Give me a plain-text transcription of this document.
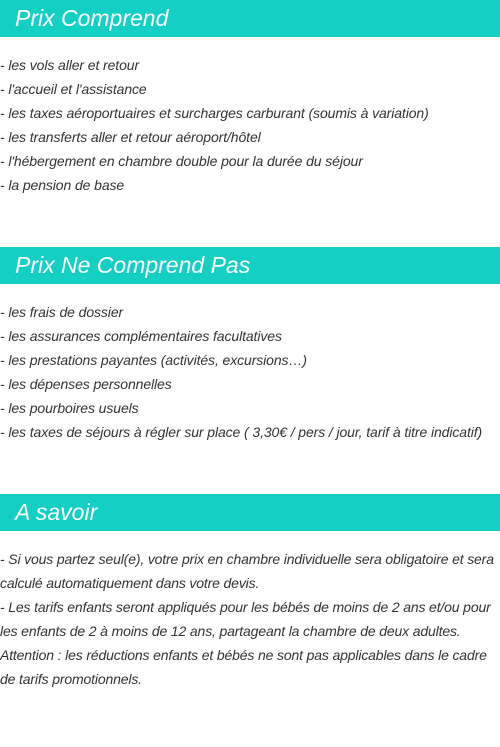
Prix Comprend
- les vols aller et retour
- l'accueil et l'assistance
- les taxes aéroportuaires et surcharges carburant (soumis à variation)
- les transferts aller et retour aéroport/hôtel
- l'hébergement en chambre double pour la durée du séjour
- la pension de base
Prix Ne Comprend Pas
- les frais de dossier
- les assurances complémentaires facultatives
- les prestations payantes (activités, excursions…)
- les dépenses personnelles
- les pourboires usuels
- les taxes de séjours à régler sur place ( 3,30€ / pers / jour, tarif à titre indicatif)
A savoir

- Si vous partez seul(e), votre prix en chambre individuelle sera obligatoire et sera calculé automatiquement dans votre devis.

- Les tarifs enfants seront appliqués pour les bébés de moins de 2 ans et/ou pour les enfants de 2 à moins de 12 ans, partageant la chambre de deux adultes.

Attention : les réductions enfants et bébés ne sont pas applicables dans le cadre de tarifs promotionnels.
